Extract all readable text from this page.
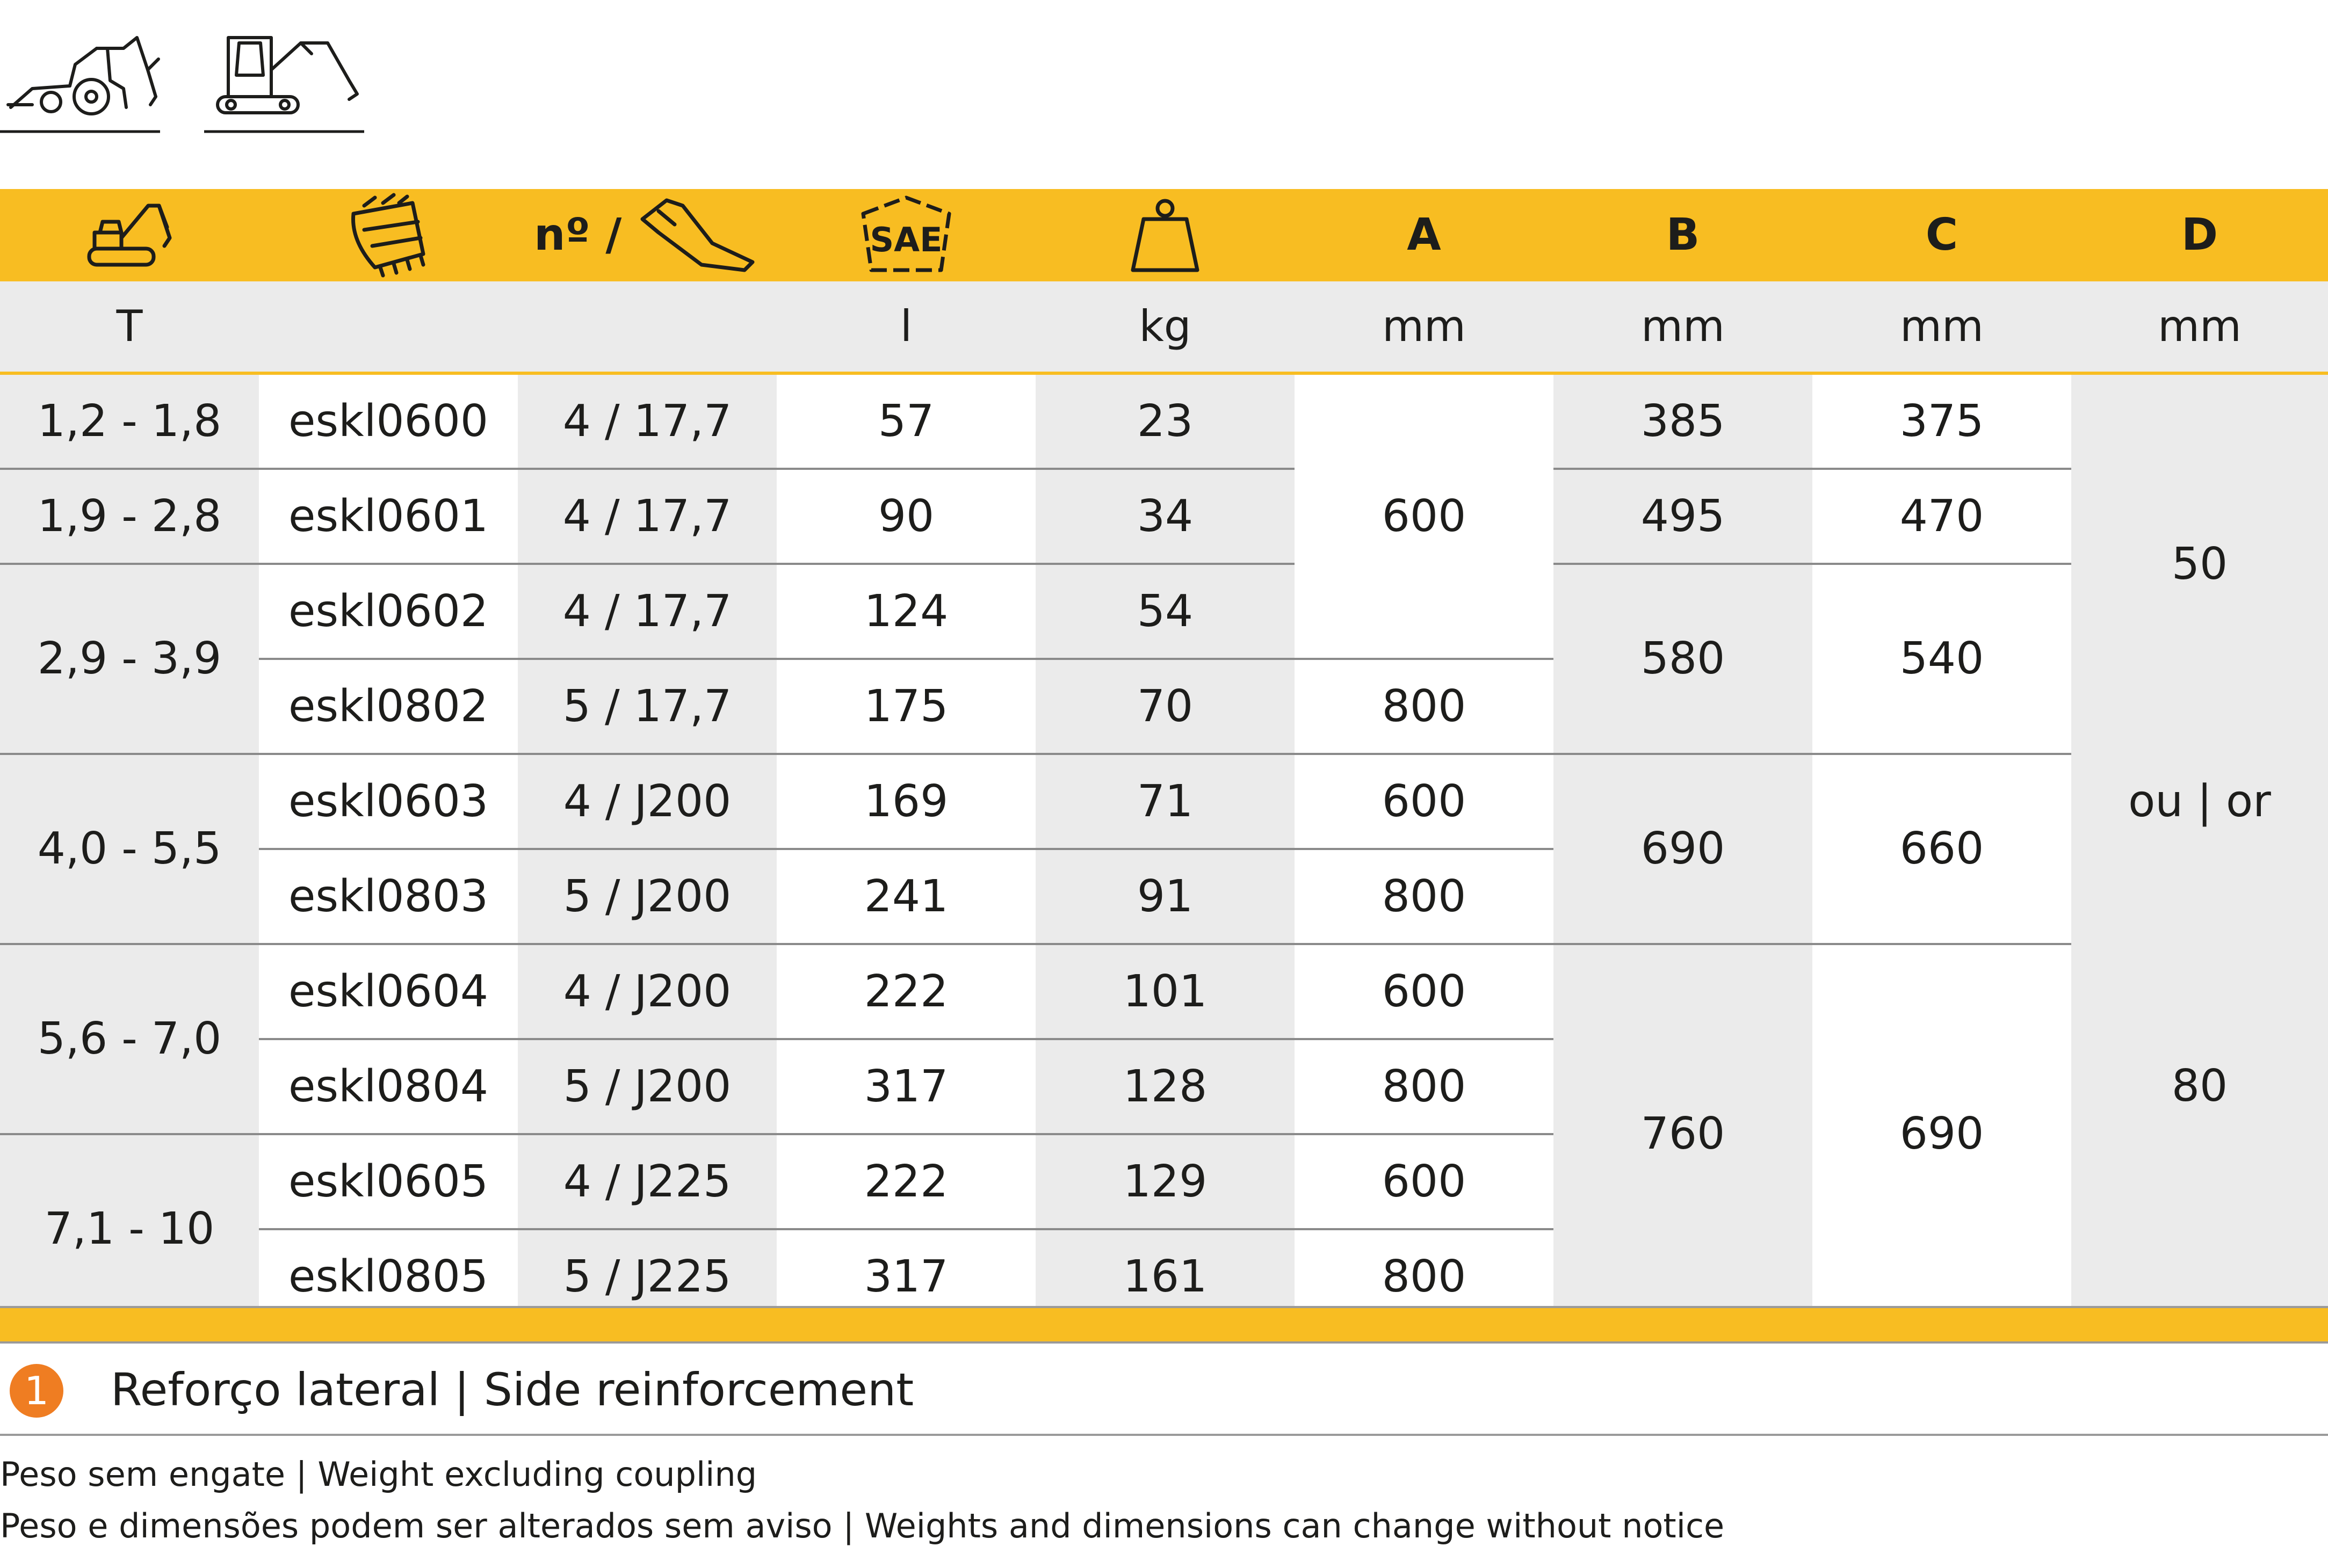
		nº /	SAE		A	B	C	D
T			l	kg	mm	mm	mm	mm
1,2 - 1,8	eskl0600	4 / 17,7	57	23	600	385	375	50
1,9 - 2,8	eskl0601	4 / 17,7	90	34		495	470	
2,9 - 3,9	eskl0602	4 / 17,7	124	54		580	540	
	eskl0802	5 / 17,7	175	70	800			
4,0 - 5,5	eskl0603	4 / J200	169	71	600	690	660	ou | or
	eskl0803	5 / J200	241	91	800			80
5,6 - 7,0	eskl0604	4 / J200	222	101	600	760	690	
	eskl0804	5 / J200	317	128	800			
7,1 - 10	eskl0605	4 / J225	222	129	600			
	eskl0805	5 / J225	317	161	800			
1	Reforço lateral | Side reinforcement
Peso sem engate | Weight excluding coupling
Peso e dimensões podem ser alterados sem aviso | Weights and dimensions can change without notice
